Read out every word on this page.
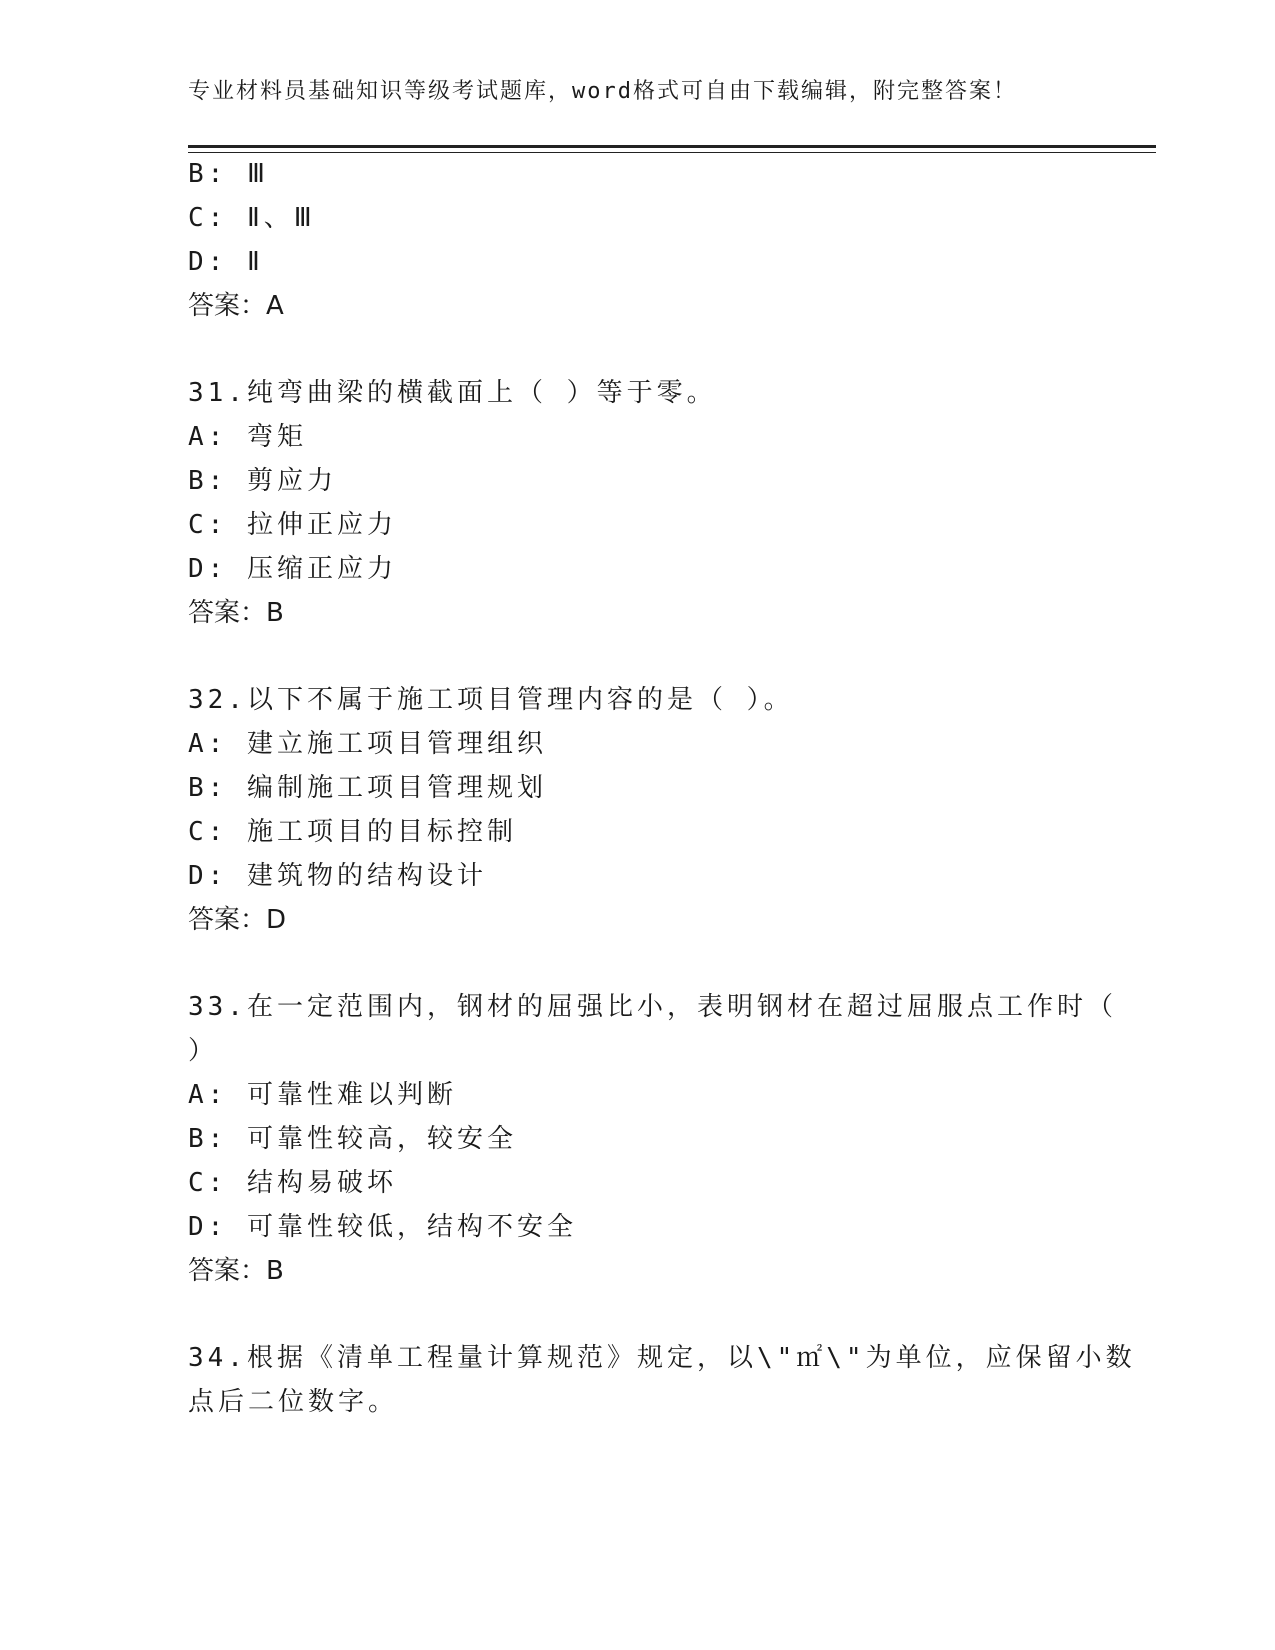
专业材料员基础知识等级考试题库，word格式可自由下载编辑，附完整答案！
B: Ⅲ
C: Ⅱ、Ⅲ
D: Ⅱ
答案：A
31.纯弯曲梁的横截面上（ ）等于零。
A: 弯矩
B: 剪应力
C: 拉伸正应力
D: 压缩正应力
答案：B
32.以下不属于施工项目管理内容的是（ ）。
A: 建立施工项目管理组织
B: 编制施工项目管理规划
C: 施工项目的目标控制
D: 建筑物的结构设计
答案：D
33.在一定范围内，钢材的屈强比小，表明钢材在超过屈服点工作时（
）
A: 可靠性难以判断
B: 可靠性较高，较安全
C: 结构易破坏
D: 可靠性较低，结构不安全
答案：B
34.根据《清单工程量计算规范》规定，以\"㎡\"为单位，应保留小数
点后二位数字。
